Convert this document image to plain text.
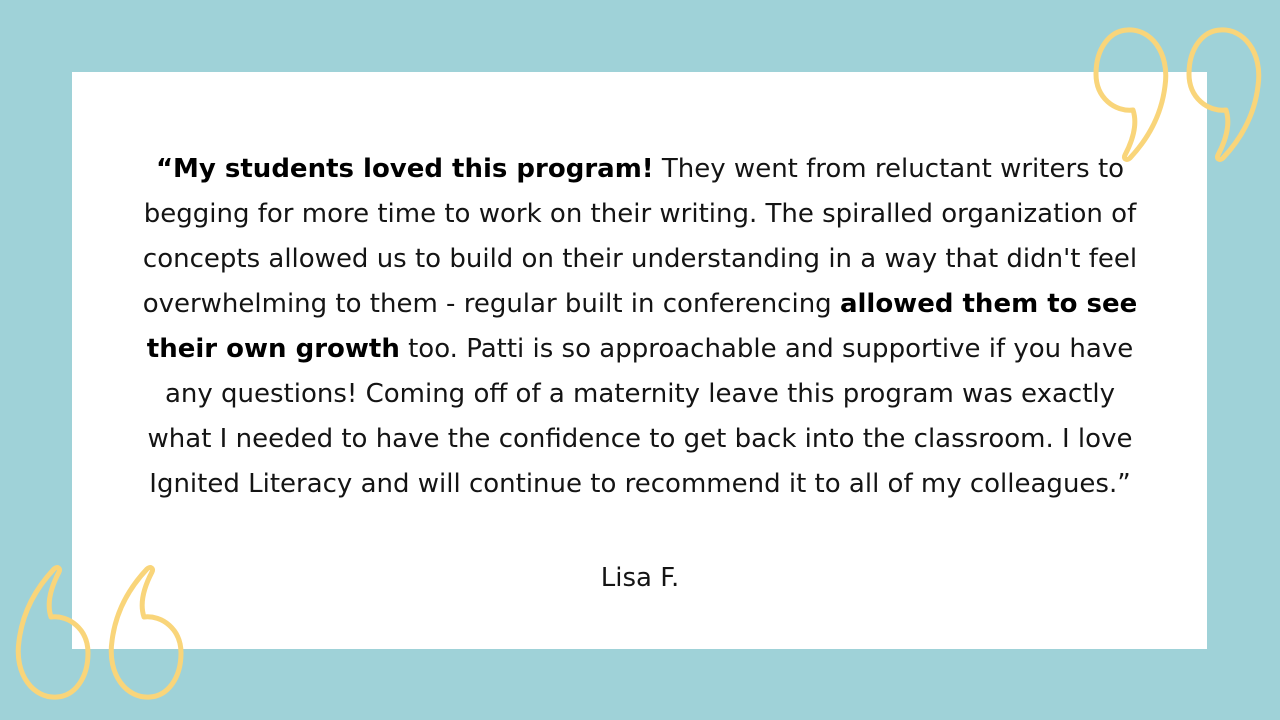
“My students loved this program! They went from reluctant writers to begging for more time to work on their writing. The spiralled organization of concepts allowed us to build on their understanding in a way that didn't feel overwhelming to them - regular built in conferencing allowed them to see their own growth too. Patti is so approachable and supportive if you have any questions! Coming off of a maternity leave this program was exactly what I needed to have the confidence to get back into the classroom. I love Ignited Literacy and will continue to recommend it to all of my colleagues.”

Lisa F.
